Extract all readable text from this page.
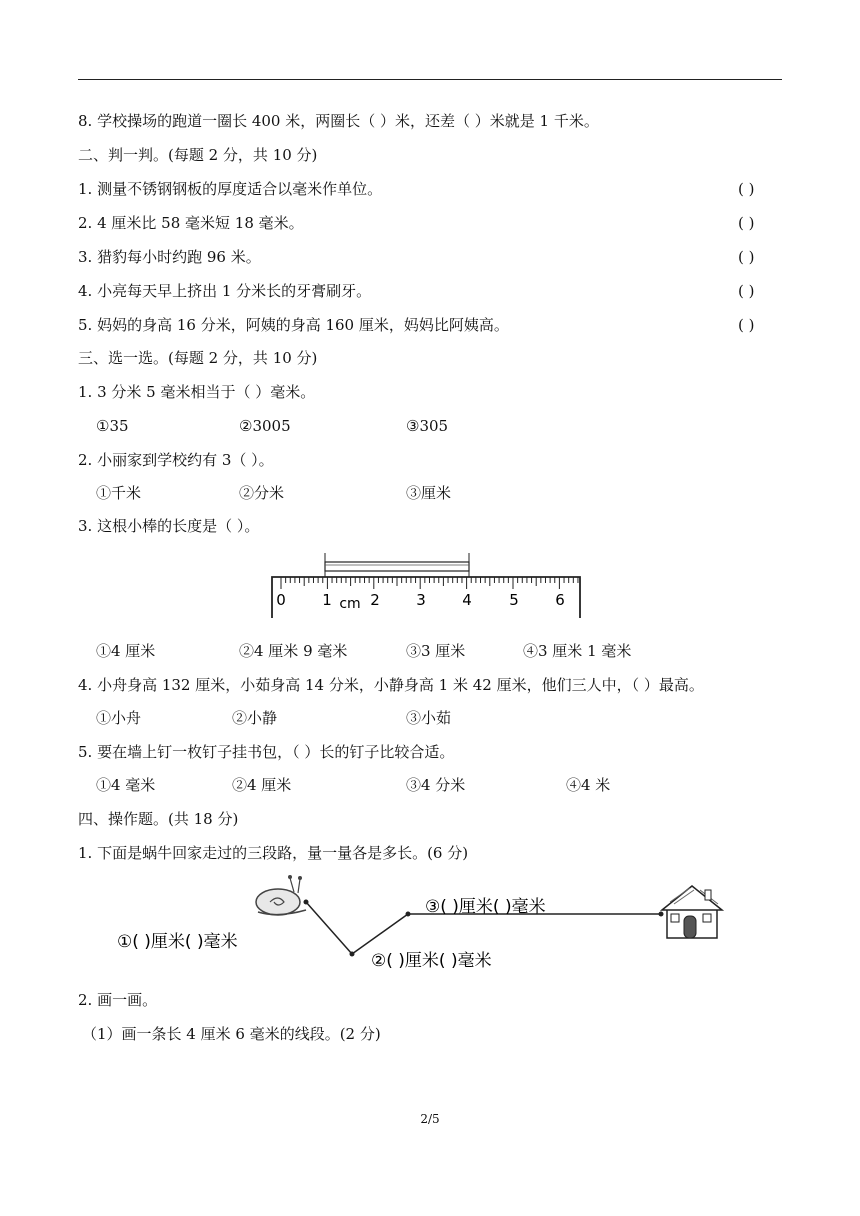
8. 学校操场的跑道一圈长 400 米，两圈长（ ）米，还差（ ）米就是 1 千米。
二、判一判。(每题 2 分，共 10 分)
1. 测量不锈钢钢板的厚度适合以毫米作单位。	( )
2. 4 厘米比 58 毫米短 18 毫米。	( )
3. 猎豹每小时约跑 96 米。	( )
4. 小亮每天早上挤出 1 分米长的牙膏刷牙。	( )
5. 妈妈的身高 16 分米，阿姨的身高 160 厘米，妈妈比阿姨高。	( )
三、选一选。(每题 2 分，共 10 分)
1. 3 分米 5 毫米相当于（ ）毫米。
①35	②3005	③305
2. 小丽家到学校约有 3（ ）。
①千米	②分米	③厘米
3. 这根小棒的长度是（ ）。
0 1 cm 2 3 4 5 6
①4 厘米	②4 厘米 9 毫米	③3 厘米	④3 厘米 1 毫米
4. 小舟身高 132 厘米，小茹身高 14 分米，小静身高 1 米 42 厘米，他们三人中，（ ）最高。
①小舟	②小静	③小茹
5. 要在墙上钉一枚钉子挂书包，（ ）长的钉子比较合适。
①4 毫米	②4 厘米	③4 分米	④4 米
四、操作题。(共 18 分)
1. 下面是蜗牛回家走过的三段路，量一量各是多长。(6 分)
①( )厘米( )毫米
②( )厘米( )毫米
③( )厘米( )毫米
2. 画一画。
（1）画一条长 4 厘米 6 毫米的线段。(2 分)
2/5
